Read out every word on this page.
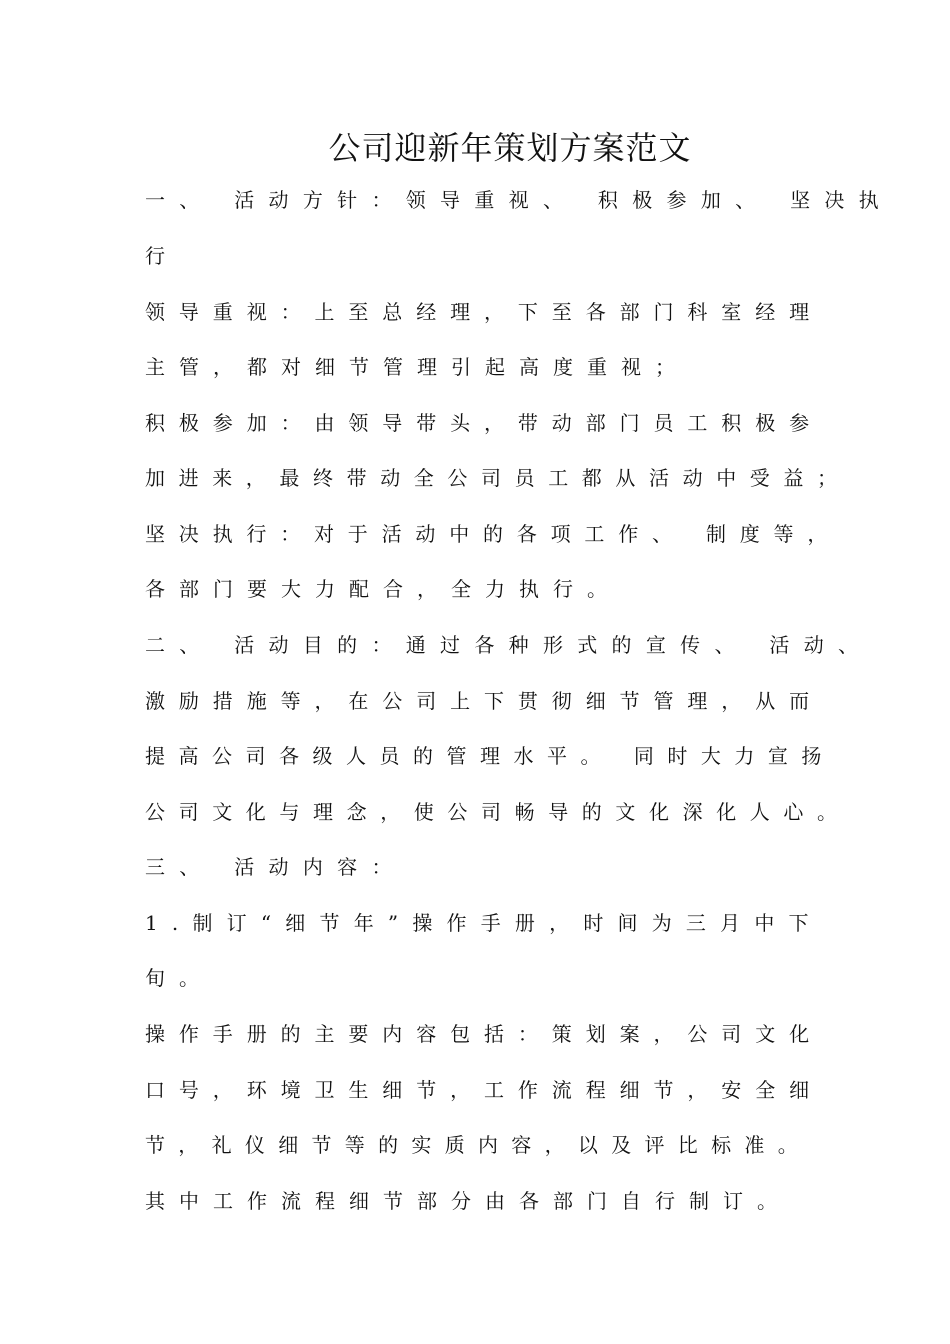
公司迎新年策划方案范文
一、 活动方针：领导重视、 积极参加、 坚决执
行
领导重视：上至总经理，下至各部门科室经理
主管，都对细节管理引起高度重视；
积极参加：由领导带头，带动部门员工积极参
加进来，最终带动全公司员工都从活动中受益；
坚决执行：对于活动中的各项工作、 制度等，
各部门要大力配合，全力执行。
二、 活动目的：通过各种形式的宣传、 活动、
激励措施等，在公司上下贯彻细节管理，从而
提高公司各级人员的管理水平。 同时大力宣扬
公司文化与理念，使公司畅导的文化深化人心。
三、 活动内容：
1.制订“细节年”操作手册，时间为三月中下
旬。
操作手册的主要内容包括：策划案，公司文化
口号，环境卫生细节，工作流程细节，安全细
节，礼仪细节等的实质内容，以及评比标准。
其中工作流程细节部分由各部门自行制订。
